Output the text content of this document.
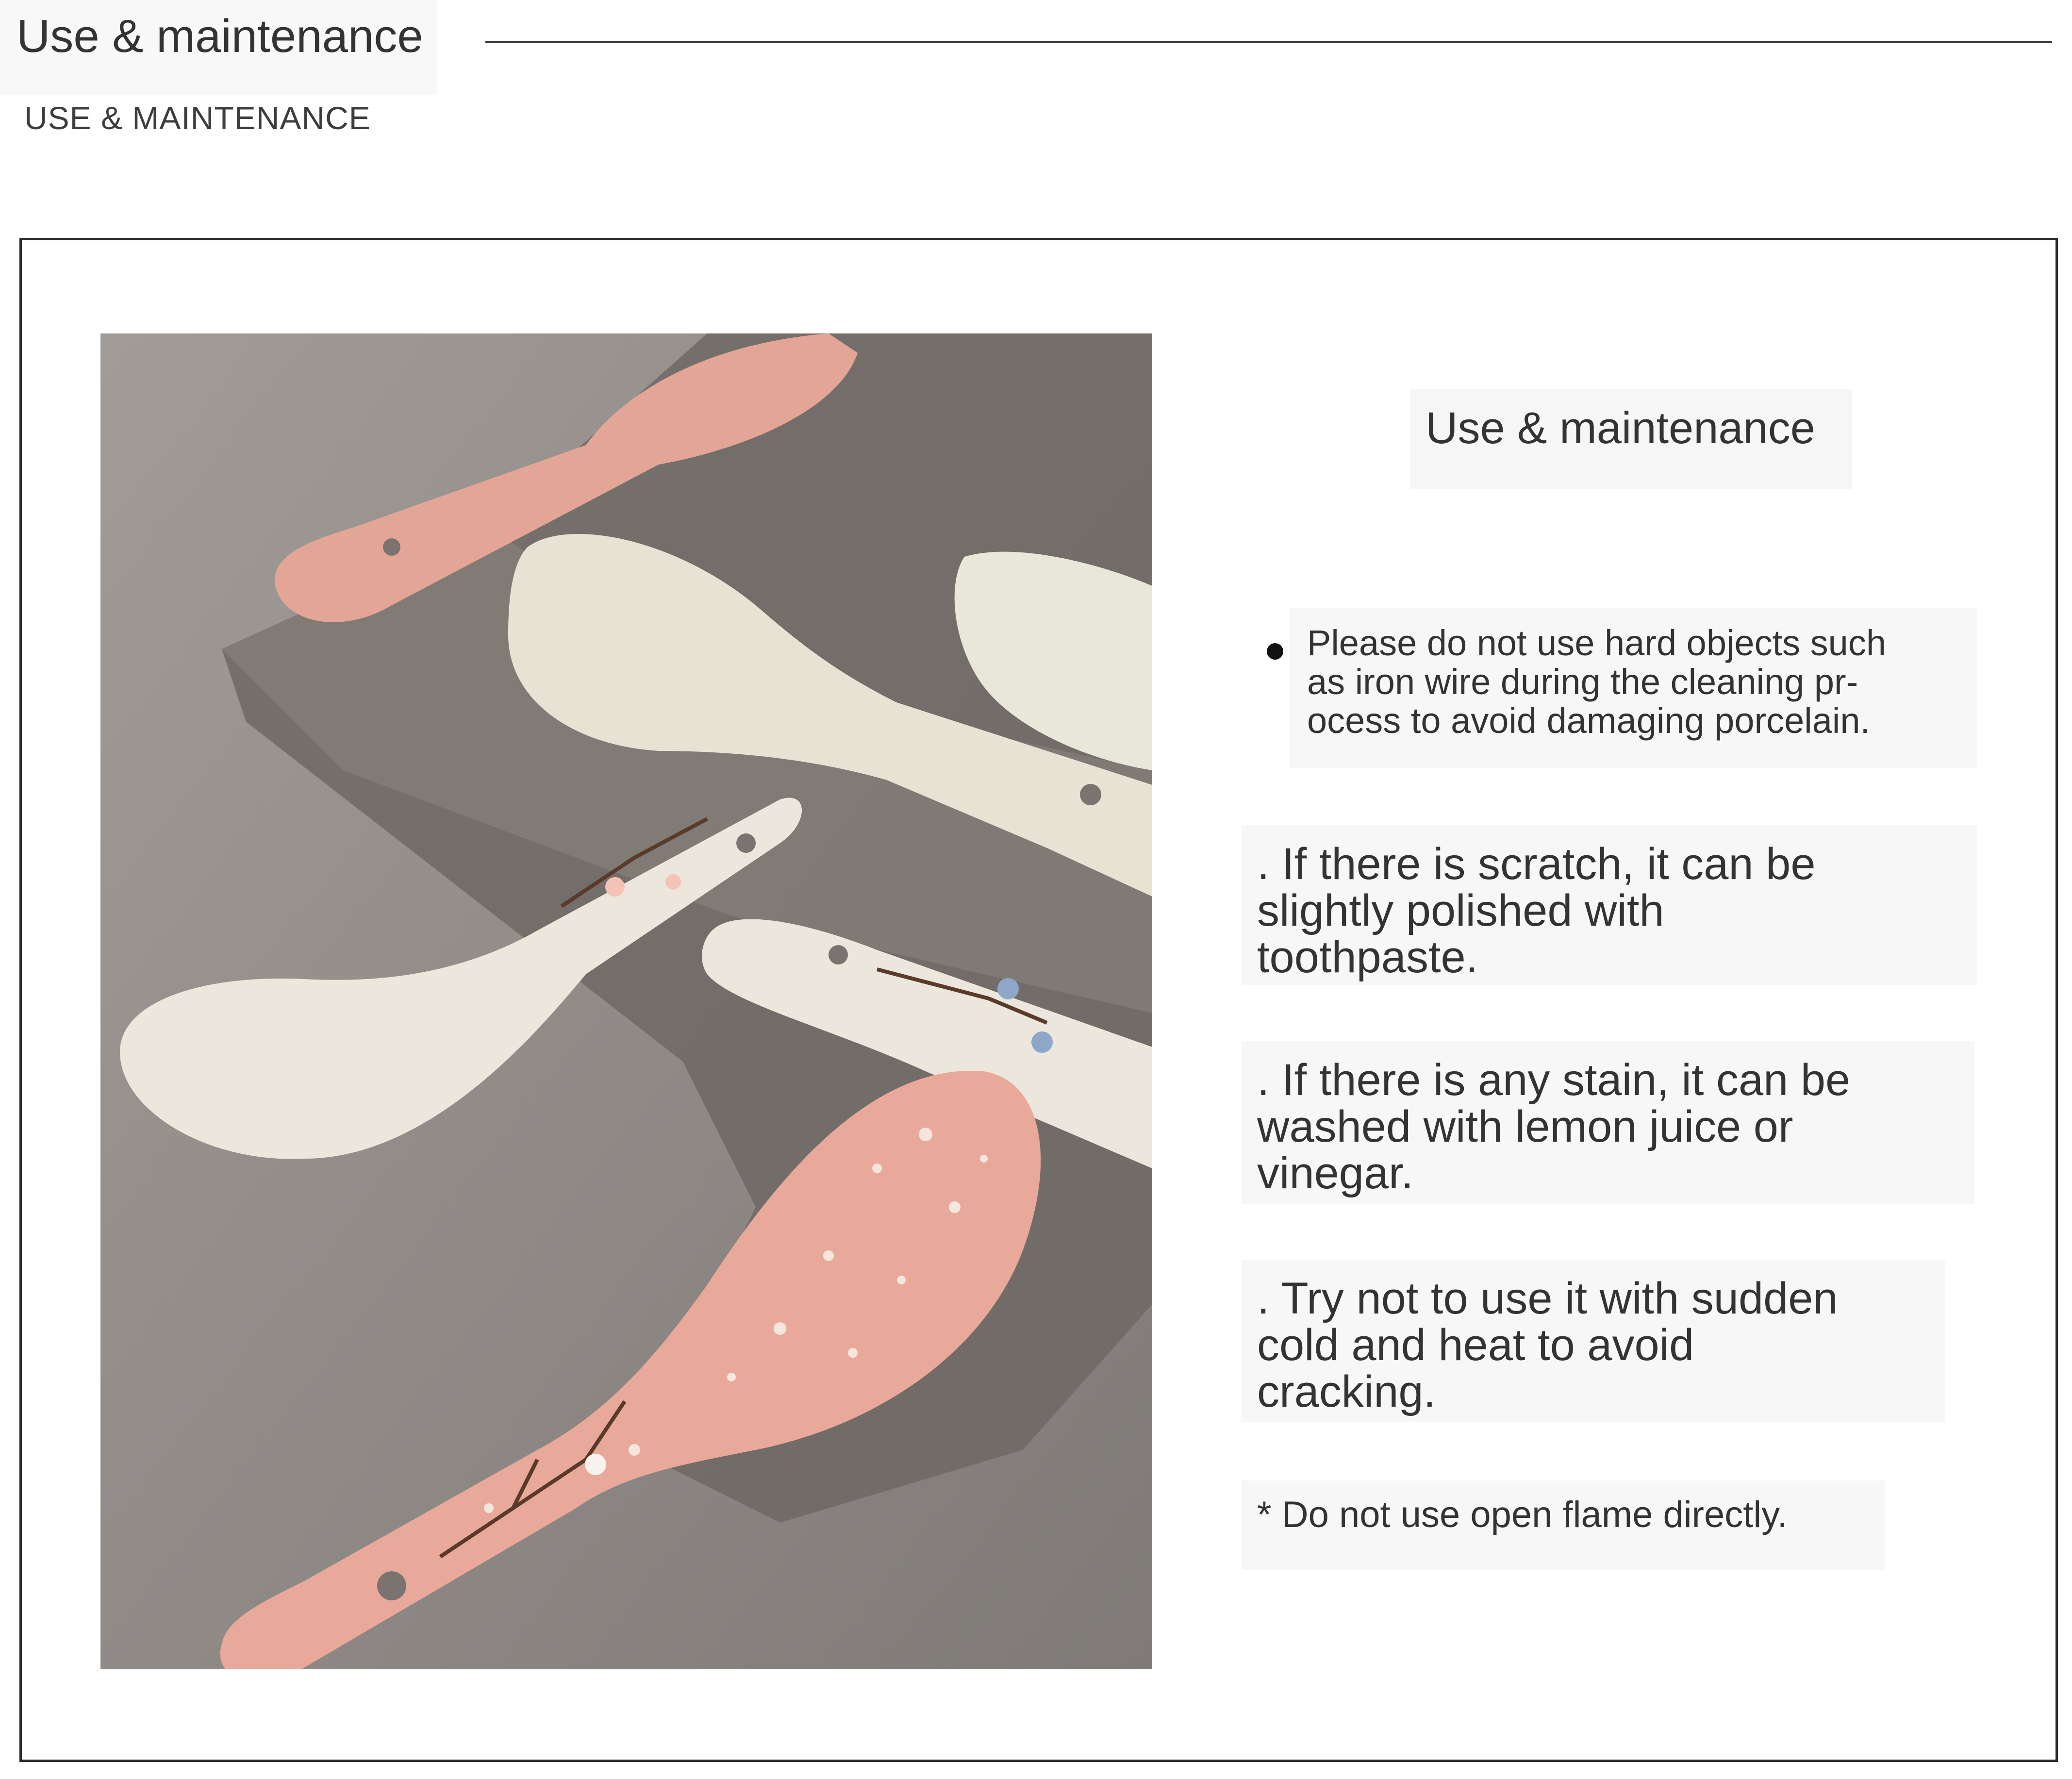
Use & maintenance
USE & MAINTENANCE
Use & maintenance
Please do not use hard objects such
as iron wire during the cleaning pr-
ocess to avoid damaging porcelain.
. If there is scratch, it can be
slightly polished with
toothpaste.
. If there is any stain, it can be
washed with lemon juice or
vinegar.
. Try not to use it with sudden
cold and heat to avoid
cracking.
* Do not use open flame directly.
